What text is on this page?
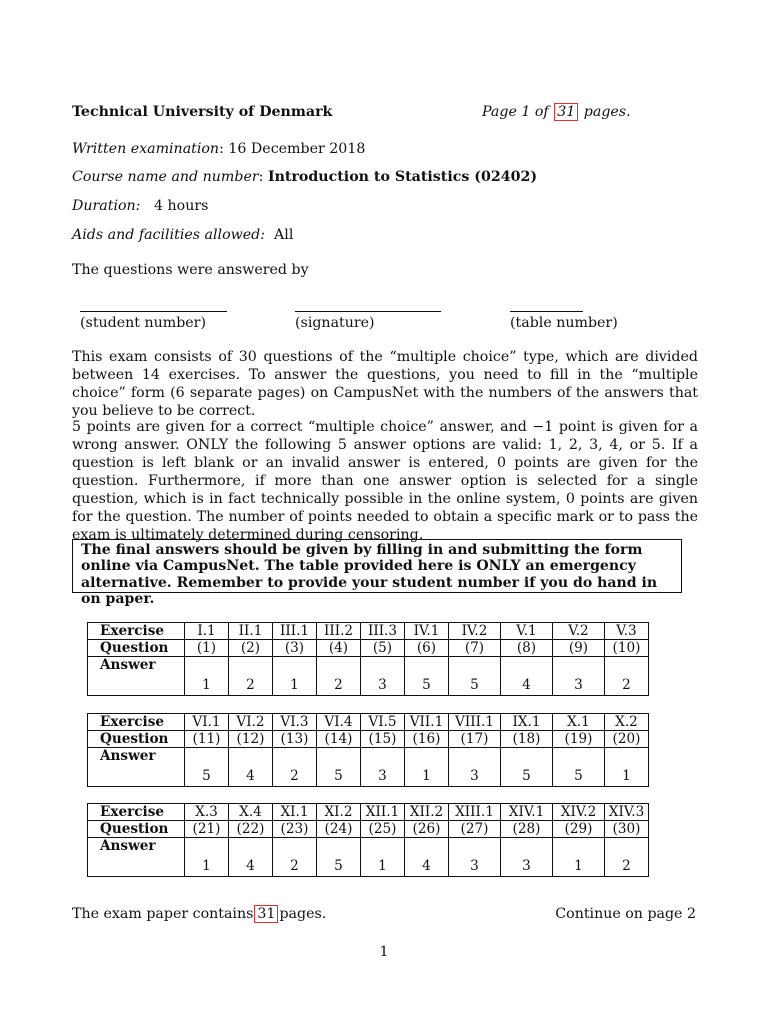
Technical University of Denmark	Page 1 of 31 pages.
Written examination: 16 December 2018
Course name and number: Introduction to Statistics (02402)
Duration: 4 hours
Aids and facilities allowed: All
The questions were answered by
(student number)	(signature)	(table number)
This exam consists of 30 questions of the “multiple choice” type, which are divided between 14 exercises. To answer the questions, you need to fill in the “multiple choice” form (6 separate pages) on CampusNet with the numbers of the answers that you believe to be correct.
5 points are given for a correct “multiple choice” answer, and −1 point is given for a wrong answer. ONLY the following 5 answer options are valid: 1, 2, 3, 4, or 5. If a question is left blank or an invalid answer is entered, 0 points are given for the question. Furthermore, if more than one answer option is selected for a single question, which is in fact technically possible in the online system, 0 points are given for the question. The number of points needed to obtain a specific mark or to pass the exam is ultimately determined during censoring.
The final answers should be given by filling in and submitting the form online via CampusNet. The table provided here is ONLY an emergency alternative. Remember to provide your student number if you do hand in on paper.
Exercise	I.1	II.1	III.1	III.2	III.3	IV.1	IV.2	V.1	V.2	V.3
Question	(1)	(2)	(3)	(4)	(5)	(6)	(7)	(8)	(9)	(10)
Answer	1	2	1	2	3	5	5	4	3	2
Exercise	VI.1	VI.2	VI.3	VI.4	VI.5	VII.1	VIII.1	IX.1	X.1	X.2
Question	(11)	(12)	(13)	(14)	(15)	(16)	(17)	(18)	(19)	(20)
Answer	5	4	2	5	3	1	3	5	5	1
Exercise	X.3	X.4	XI.1	XI.2	XII.1	XII.2	XIII.1	XIV.1	XIV.2	XIV.3
Question	(21)	(22)	(23)	(24)	(25)	(26)	(27)	(28)	(29)	(30)
Answer	1	4	2	5	1	4	3	3	1	2
The exam paper contains 31 pages.	Continue on page 2
1
